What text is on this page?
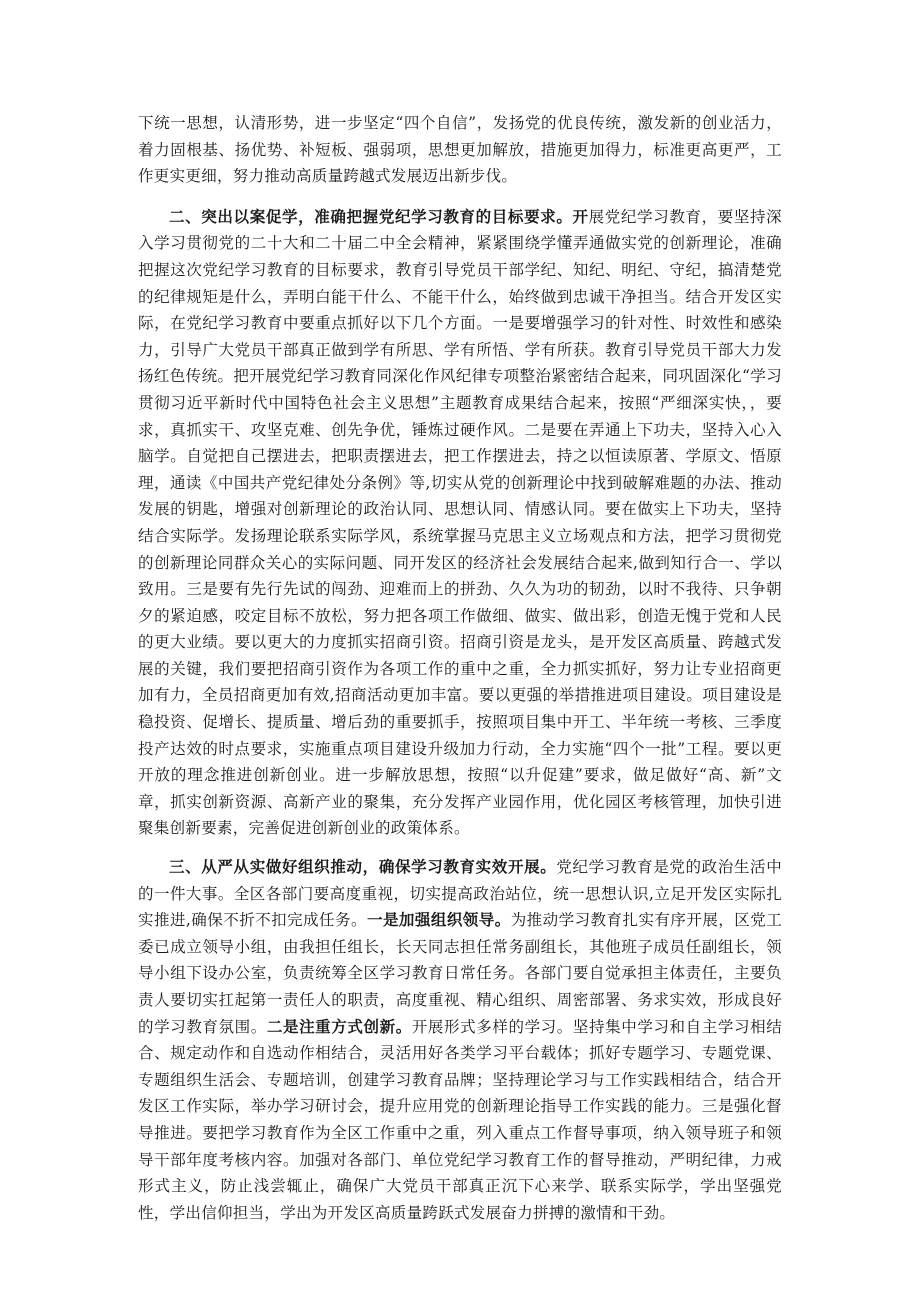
下统一思想，认清形势，进一步坚定“四个自信”，发扬党的优良传统，激发新的创业活力，着力固根基、扬优势、补短板、强弱项，思想更加解放，措施更加得力，标准更高更严，工作更实更细，努力推动高质量跨越式发展迈出新步伐。

二、突出以案促学，准确把握党纪学习教育的目标要求。开展党纪学习教育，要坚持深入学习贯彻党的二十大和二十届二中全会精神，紧紧围绕学懂弄通做实党的创新理论，准确把握这次党纪学习教育的目标要求，教育引导党员干部学纪、知纪、明纪、守纪，搞清楚党的纪律规矩是什么，弄明白能干什么、不能干什么，始终做到忠诚干净担当。结合开发区实际，在党纪学习教育中要重点抓好以下几个方面。一是要增强学习的针对性、时效性和感染力，引导广大党员干部真正做到学有所思、学有所悟、学有所获。教育引导党员干部大力发扬红色传统。把开展党纪学习教育同深化作风纪律专项整治紧密结合起来，同巩固深化“学习贯彻习近平新时代中国特色社会主义思想”主题教育成果结合起来，按照“严细深实快，，要求，真抓实干、攻坚克难、创先争优，锤炼过硬作风。二是要在弄通上下功夫，坚持入心入脑学。自觉把自己摆进去，把职责摆进去，把工作摆进去，持之以恒读原著、学原文、悟原理，通读《中国共产党纪律处分条例》等,切实从党的创新理论中找到破解难题的办法、推动发展的钥匙，增强对创新理论的政治认同、思想认同、情感认同。要在做实上下功夫，坚持结合实际学。发扬理论联系实际学风，系统掌握马克思主义立场观点和方法，把学习贯彻党的创新理论同群众关心的实际问题、同开发区的经济社会发展结合起来,做到知行合一、学以致用。三是要有先行先试的闯劲、迎难而上的拼劲、久久为功的韧劲，以时不我待、只争朝夕的紧迫感，咬定目标不放松，努力把各项工作做细、做实、做出彩，创造无愧于党和人民的更大业绩。要以更大的力度抓实招商引资。招商引资是龙头，是开发区高质量、跨越式发展的关键，我们要把招商引资作为各项工作的重中之重，全力抓实抓好，努力让专业招商更加有力，全员招商更加有效,招商活动更加丰富。要以更强的举措推进项目建设。项目建设是稳投资、促增长、提质量、增后劲的重要抓手，按照项目集中开工、半年统一考核、三季度投产达效的时点要求，实施重点项目建设升级加力行动，全力实施“四个一批”工程。要以更开放的理念推进创新创业。进一步解放思想，按照“以升促建”要求，做足做好“高、新”文章，抓实创新资源、高新产业的聚集，充分发挥产业园作用，优化园区考核管理，加快引进聚集创新要素，完善促进创新创业的政策体系。

三、从严从实做好组织推动，确保学习教育实效开展。党纪学习教育是党的政治生活中的一件大事。全区各部门要高度重视，切实提高政治站位，统一思想认识,立足开发区实际扎实推进,确保不折不扣完成任务。一是加强组织领导。为推动学习教育扎实有序开展，区党工委已成立领导小组，由我担任组长，长天同志担任常务副组长，其他班子成员任副组长，领导小组下设办公室，负责统筹全区学习教育日常任务。各部门要自觉承担主体责任，主要负责人要切实扛起第一责任人的职责，高度重视、精心组织、周密部署、务求实效，形成良好的学习教育氛围。二是注重方式创新。开展形式多样的学习。坚持集中学习和自主学习相结合、规定动作和自选动作相结合，灵活用好各类学习平台载体；抓好专题学习、专题党课、专题组织生活会、专题培训，创建学习教育品牌；坚持理论学习与工作实践相结合，结合开发区工作实际，举办学习研讨会，提升应用党的创新理论指导工作实践的能力。三是强化督导推进。要把学习教育作为全区工作重中之重，列入重点工作督导事项，纳入领导班子和领导干部年度考核内容。加强对各部门、单位党纪学习教育工作的督导推动，严明纪律，力戒形式主义，防止浅尝辄止，确保广大党员干部真正沉下心来学、联系实际学，学出坚强党性，学出信仰担当，学出为开发区高质量跨跃式发展奋力拼搏的激情和干劲。
